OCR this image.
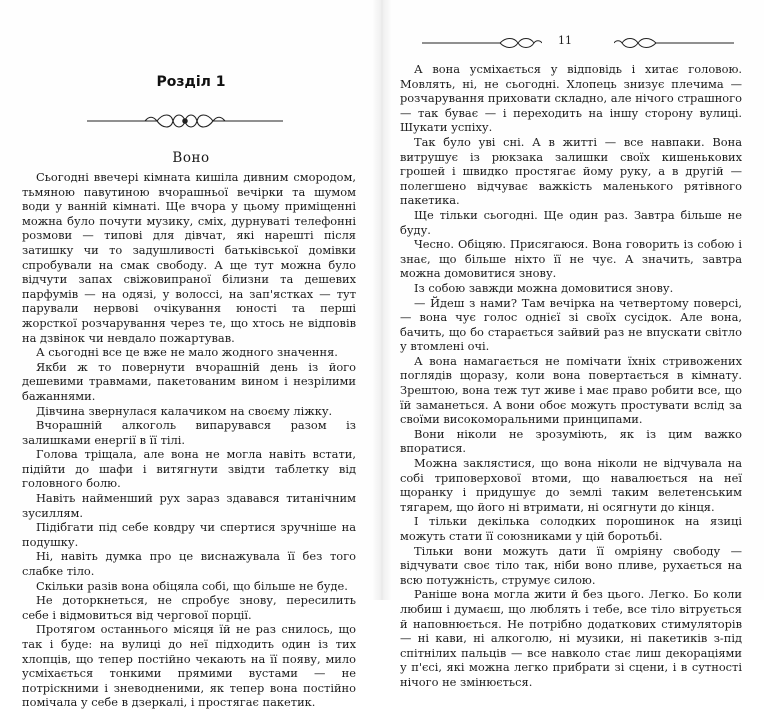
Розділ 1
Воно

Сьогодні ввечері кімната кишіла дивним смородом, тьмяною павутиною вчорашньої вечірки та шумом води у ванній кімнаті. Ще вчора у цьому приміщенні можна було почути музику, сміх, дурнуваті телефонні розмови — типові для дівчат, які нарешті після затишку чи то задушливості батьківської домівки спробували на смак свободу. А ще тут можна було відчути запах свіжовипраної білизни та дешевих парфумів — на одязі, у волоссі, на зап'ястках — тут парували нервові очікування юності та перші жорсткої розчарування через те, що хтось не відповів на дзвінок чи невдало пожартував.

А сьогодні все це вже не мало жодного значення.

Якби ж то повернути вчорашній день із його дешевими травмами, пакетованим вином і незрілими бажаннями.

Дівчина звернулася калачиком на своєму ліжку.

Вчорашній алкоголь випарувався разом із залишками енергії в її тілі.

Голова тріщала, але вона не могла навіть встати, підійти до шафи і витягнути звідти таблетку від головного болю.

Навіть найменший рух зараз здавався титанічним зусиллям.

Підібгати під себе ковдру чи спертися зручніше на подушку.

Ні, навіть думка про це виснажувала її без того слабке тіло.

Скільки разів вона обіцяла собі, що більше не буде.

Не доторкнеться, не спробує знову, пересилить себе і відмовиться від чергової порції.

Протягом останнього місяця їй не раз снилось, що так і буде: на вулиці до неї підходить один із тих хлопців, що тепер постійно чекають на її появу, мило усміхається тонкими прямими вустами — не потріскними і зневодненими, як тепер вона постійно помічала у себе в дзеркалі, і простягає пакетик.

11

А вона усміхається у відповідь і хитає головою. Мовлять, ні, не сьогодні. Хлопець знизує плечима — розчарування приховати складно, але нічого страшного — так буває — і переходить на іншу сторону вулиці. Шукати успіху.

Так було уві сні. А в житті — все навпаки. Вона витрушує із рюкзака залишки своїх кишенькових грошей і швидко простягає йому руку, а в другій — полегшено відчуває важкість маленького рятівного пакетика.

Ще тільки сьогодні. Ще один раз. Завтра більше не буду.

Чесно. Обіцяю. Присягаюся. Вона говорить із собою і знає, що більше ніхто її не чує. А значить, завтра можна домовитися знову.

Із собою завжди можна домовитися знову.

— Йдеш з нами? Там вечірка на четвертому поверсі, — вона чує голос однієї зі своїх сусідок. Але вона, бачить, що бо старається зайвий раз не впускати світло у втомлені очі.

А вона намагається не помічати їхніх стривожених поглядів щоразу, коли вона повертається в кімнату. Зрештою, вона теж тут живе і має право робити все, що їй заманеться. А вони обоє можуть простувати вслід за своїми високоморальними принципами.

Вони ніколи не зрозуміють, як із цим важко впоратися.

Можна заклястися, що вона ніколи не відчувала на собі триповерхової втоми, що навалюється на неї щоранку і придушує до землі таким велетенським тягарем, що його ні втримати, ні осягнути до кінця.

І тільки декілька солодких порошинок на язиці можуть стати її союзниками у цій боротьбі.

Тільки вони можуть дати її омріяну свободу — відчувати своє тіло так, ніби воно пливе, рухається на всю потужність, струмує силою.

Раніше вона могла жити й без цього. Легко. Бо коли любиш і думаєш, що люблять і тебе, все тіло вітрується й наповнюється. Не потрібно додаткових стимуляторів — ні кави, ні алкоголю, ні музики, ні пакетиків з-під спітнілих пальців — все навколо стає лиш декораціями у п'єсі, які можна легко прибрати зі сцени, і в сутності нічого не змінюється.
